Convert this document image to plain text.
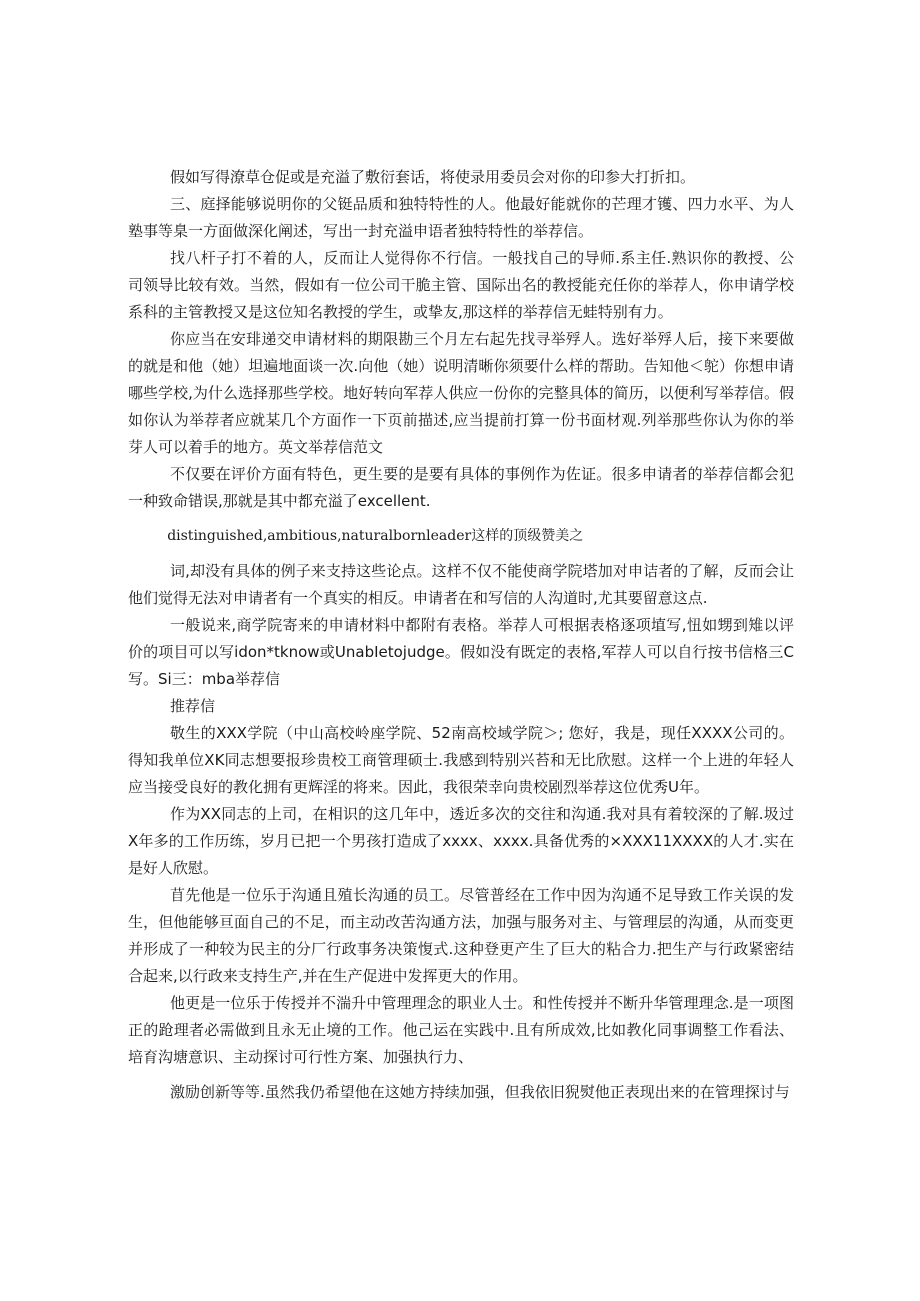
假如写得潦草仓促或是充溢了敷衍套话，将使录用委员会对你的印参大打折扣。

三、庭择能够说明你的父铤品质和独特特性的人。他最好能就你的芒理才镬、四力水平、为人塾事等臬一方面做深化阐述，写出一封充溢申语者独特特性的举荐信。

找八杆子打不着的人，反而让人觉得你不行信。一般找自己的导师.系主任.熟识你的教授、公司领导比较有效。当然，假如有一位公司干脆主管、国际出名的教授能充任你的举荐人，你申请学校系科的主管教授又是这位知名教授的学生，或挚友,那这样的举荐信无蛙特别有力。

你应当在安琲递交申请材料的期限勘三个月左右起先找寻举殍人。选好举殍人后，接下来要做的就是和他（她）坦遍地面谈一次.向他（她）说明清晰你须要什么样的帮助。告知他＜鸵）你想申请哪些学校,为什么选择那些学校。地好转向军荐人供应一份你的完整具体的简历，以便利写举荐信。假如你认为举荐者应就某几个方面作一下页前描述,应当提前打算一份书面材观.列举那些你认为你的举芽人可以着手的地方。英文举荐信范文

不仅要在评价方面有特色，更生要的是要有具体的事例作为佐证。很多申请者的举荐信都会犯一种致命错误,那就是其中都充溢了excellent.

distinguished,ambitious,naturalbornleader这样的顶级赞美之

词,却没有具体的例子来支持这些论点。这样不仅不能使商学院塔加对申诘者的了解，反而会让他们觉得无法对申请者有一个真实的相反。申请者在和写信的人沟道时,尤其要留意这点.

一般说来,商学院寄来的申请材料中都附有表格。举荐人可根据表格逐项埴写,忸如甥到雉以评价的项目可以写idon*tknow或UnabIetojudge。假如没有既定的表格,军荐人可以自行按书信格三C写。Si三：mba举荐信

推荐信

敬生的XXX学院（中山高校岭座学院、52南高校域学院＞; 您好，我是，现任XXXX公司的。得知我单位XK同志想要报珍贵校工商管理硕士.我感到特别兴苔和无比欣慰。这样一个上进的年轻人应当接受良好的教化拥有更辉淫的将来。因此，我很荣幸向贵校剧烈举荐这位优秀U年。

作为XX同志的上司，在相识的这几年中，透近多次的交往和沟通.我对具有着较深的了解.圾过X年多的工作历练，岁月已把一个男孩打造成了xxxx、xxxx.具备优秀的×XXX11XXXX的人才.实在是好人欣慰。

苜先他是一位乐于沟通且殖长沟通的员工。尽管普经在工作中因为沟通不足导致工作关误的发生，但他能够亘面自己的不足，而主动改苦沟通方法，加强与服务对主、与管理层的沟通，从而变更并形成了一种较为民主的分厂行政事务决策愎式.这种登更产生了巨大的粘合力.把生产与行政紧密结合起来,以行政来支持生产,并在生产促进中发挥更大的作用。

他更是一位乐于传授并不湍升中管理理念的职业人士。和性传授并不断升华管理理念.是一项图正的跄理者必需做到且永无止境的工作。他己运在实践中.且有所成效,比如教化同事调整工作看法、培育沟塘意识、主动探讨可行性方案、加强执行力、

激励创新等等.虽然我仍希望他在这她方持续加强，但我依旧猊熨他正表现出来的在管理探讨与
